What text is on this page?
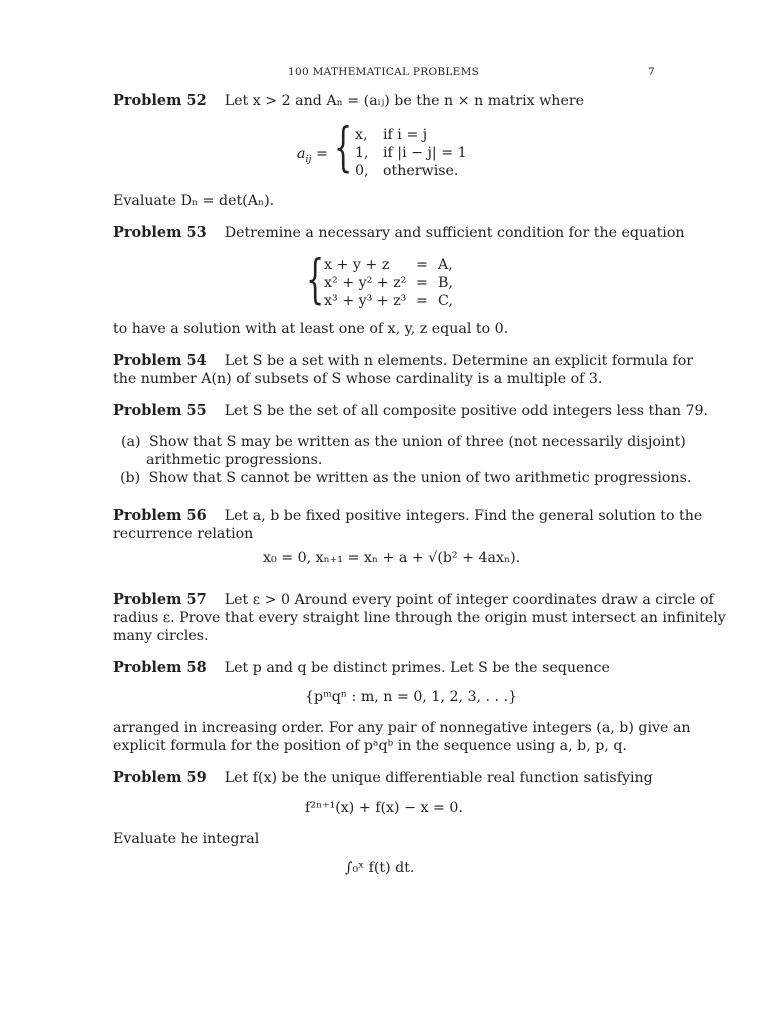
100 MATHEMATICAL PROBLEMS	7
Problem 52 Let x > 2 and Aₙ = (aᵢⱼ) be the n × n matrix where
$a_{ij}$ = { x,	if i = j
1,	if |i − j| = 1
0,	otherwise.
Evaluate Dₙ = det(Aₙ).
Problem 53 Detremine a necessary and sufficient condition for the equation
{ x + y + z	= A,
x² + y² + z² = B,
x³ + y³ + z³ = C,
to have a solution with at least one of x, y, z equal to 0.
Problem 54 Let S be a set with n elements. Determine an explicit formula for
the number A(n) of subsets of S whose cardinality is a multiple of 3.
Problem 55 Let S be the set of all composite positive odd integers less than 79.
(a) Show that S may be written as the union of three (not necessarily disjoint)
arithmetic progressions.
(b) Show that S cannot be written as the union of two arithmetic progressions.
Problem 56 Let a, b be fixed positive integers. Find the general solution to the
recurrence relation
x₀ = 0, xₙ₊₁ = xₙ + a + √(b² + 4axₙ).
Problem 57 Let ε > 0 Around every point of integer coordinates draw a circle of
radius ε. Prove that every straight line through the origin must intersect an infinitely
many circles.
Problem 58 Let p and q be distinct primes. Let S be the sequence
{pᵐqⁿ : m, n = 0, 1, 2, 3, . . .}
arranged in increasing order. For any pair of nonnegative integers (a, b) give an
explicit formula for the position of pᵃqᵇ in the sequence using a, b, p, q.
Problem 59 Let f(x) be the unique differentiable real function satisfying
f²ⁿ⁺¹(x) + f(x) − x = 0.
Evaluate he integral
∫₀ˣ f(t) dt.
